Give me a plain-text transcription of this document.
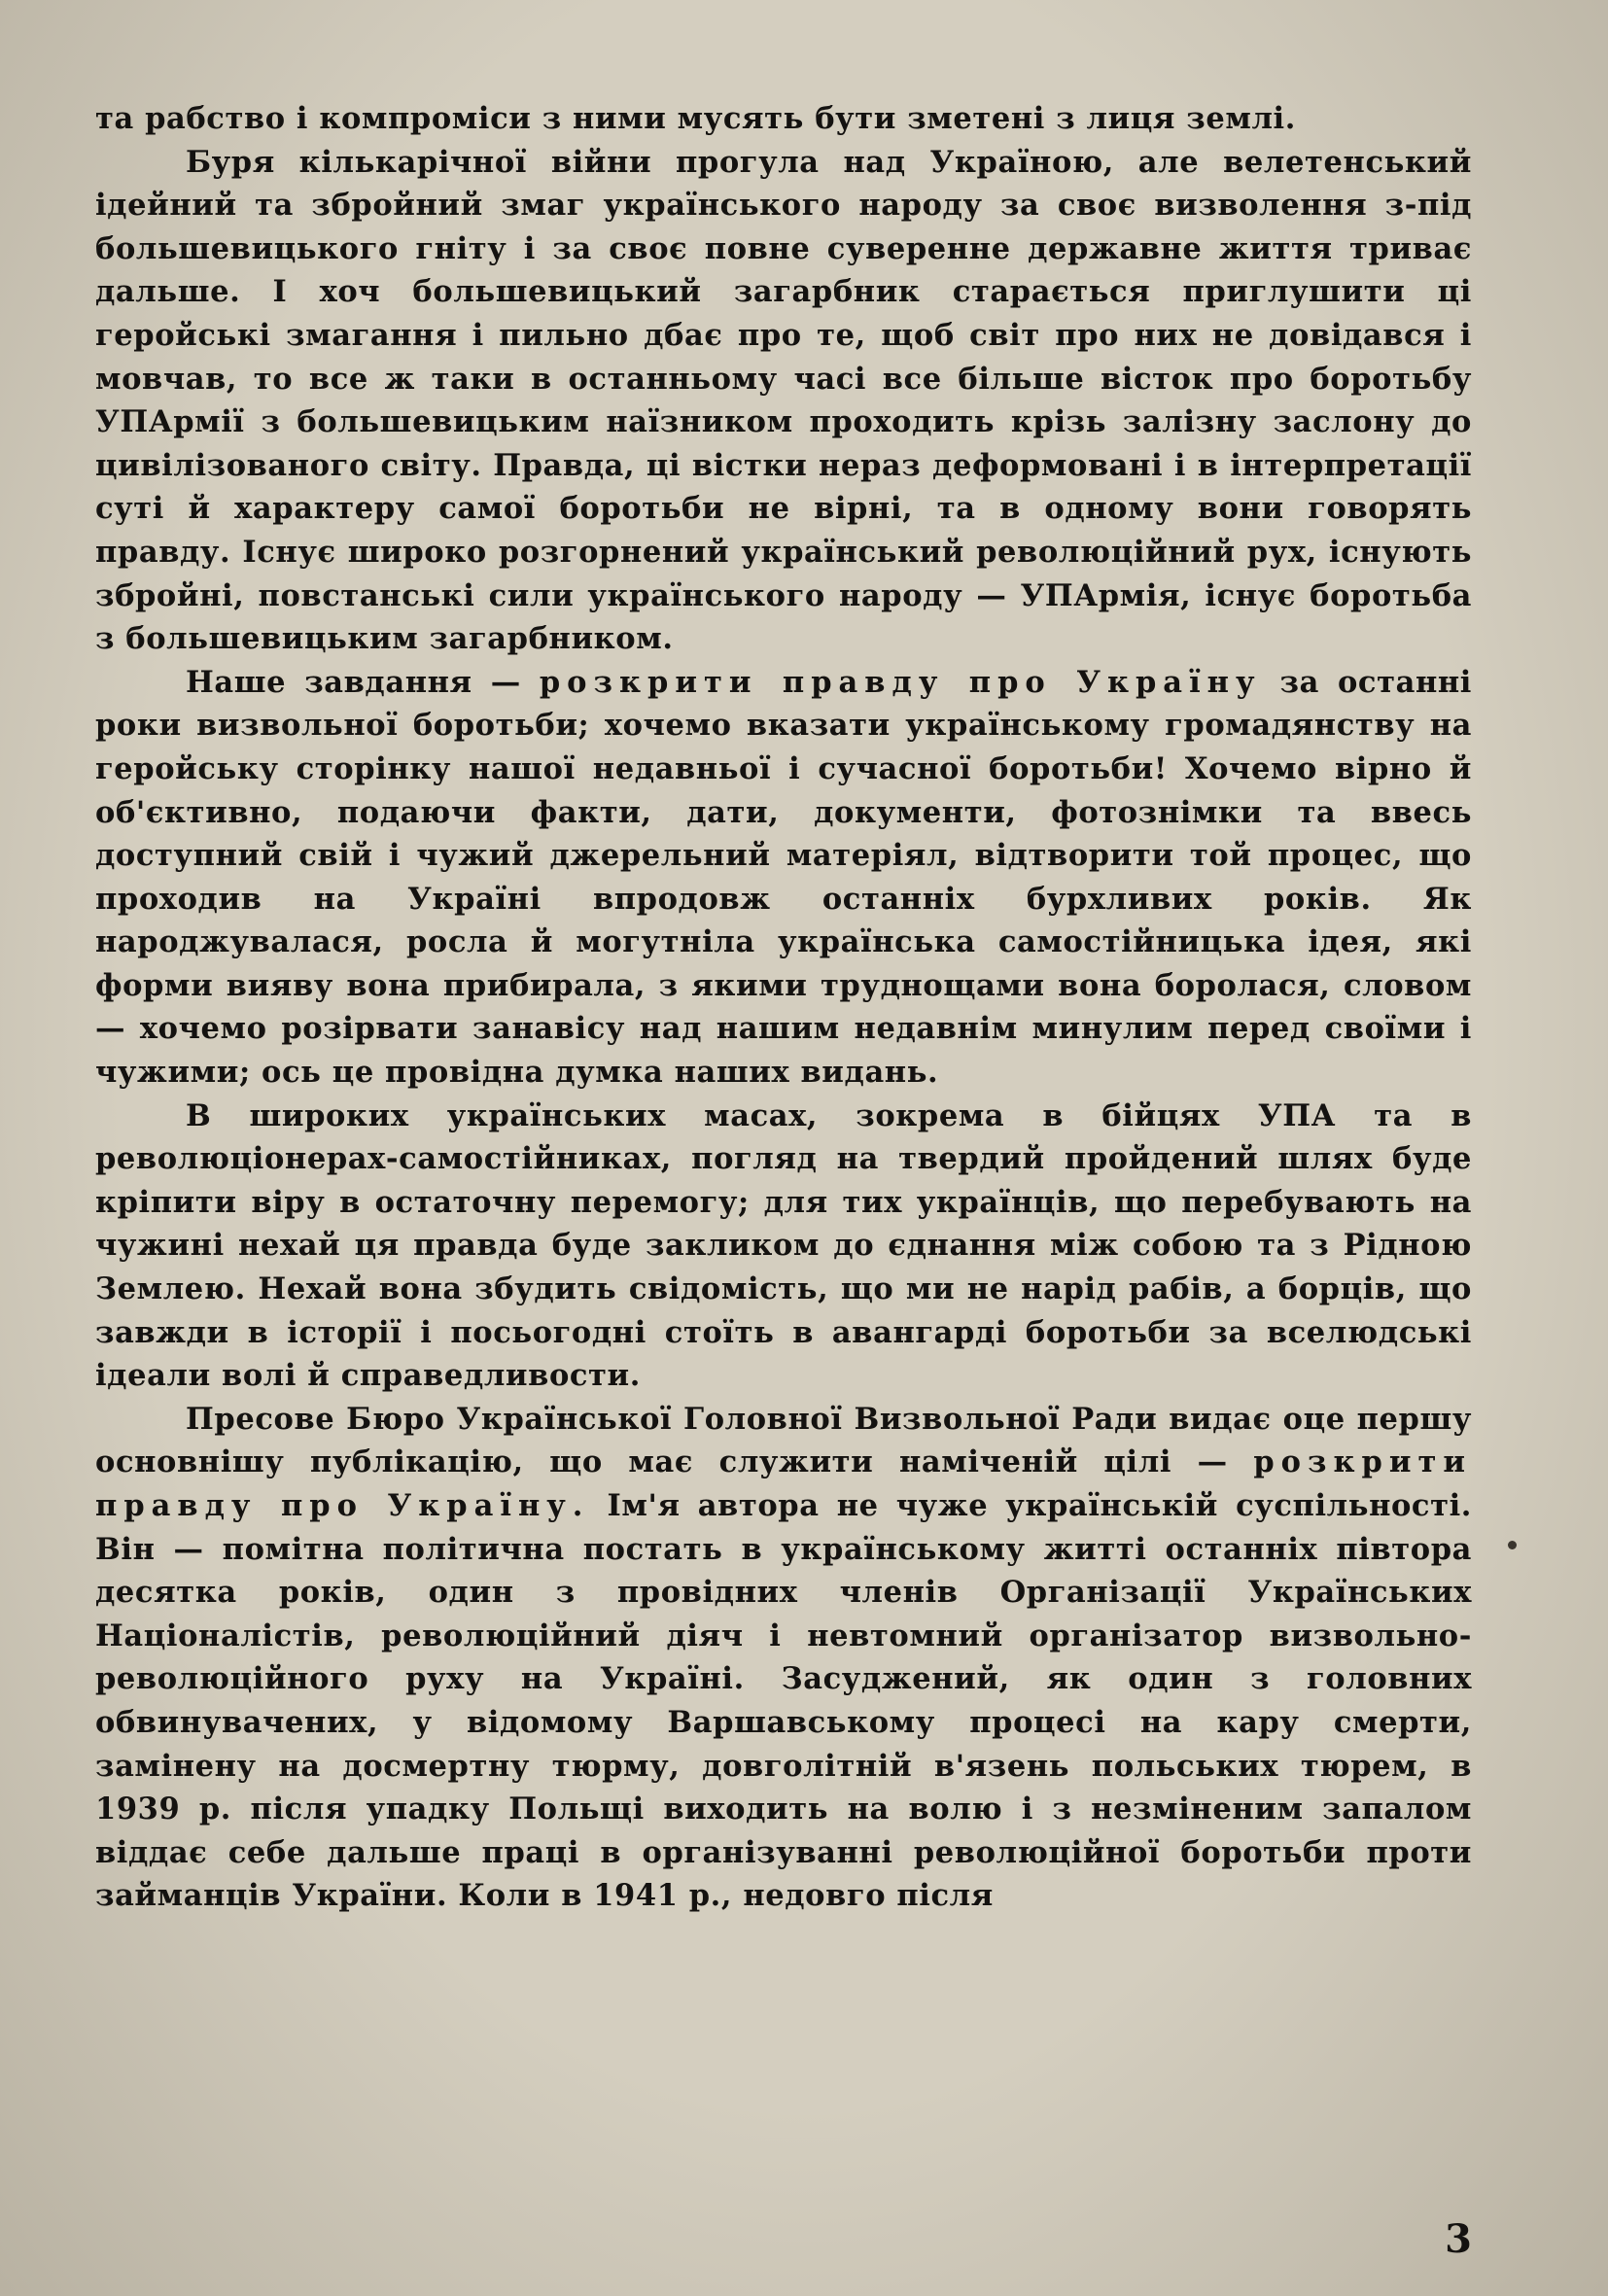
та рабство і компроміси з ними мусять бути зметені з лиця землі.

Буря кількарічної війни прогула над Україною, але велетенський ідейний та збройний змаг українського народу за своє визволення з-під большевицького гніту і за своє повне суверенне державне життя триває дальше. І хоч большевицький загарбник старається приглушити ці геройські змагання і пильно дбає про те, щоб світ про них не довідався і мовчав, то все ж таки в останньому часі все більше вісток про боротьбу УПАрмії з большевицьким наїзником проходить крізь залізну заслону до цивілізованого світу. Правда, ці вістки нераз деформовані і в інтерпретації суті й характеру самої боротьби не вірні, та в одному вони говорять правду. Існує широко розгорнений український революційний рух, існують збройні, повстанські сили українського народу — УПАрмія, існує боротьба з большевицьким загарбником.

Наше завдання — розкрити правду про Україну за останні роки визвольної боротьби; хочемо вказати українському громадянству на геройську сторінку нашої недавньої і сучасної боротьби! Хочемо вірно й об'єктивно, подаючи факти, дати, документи, фотознімки та ввесь доступний свій і чужий джерельний матеріял, відтворити той процес, що проходив на Україні впродовж останніх бурхливих років. Як народжувалася, росла й могутніла українська самостійницька ідея, які форми вияву вона прибирала, з якими труднощами вона боролася, словом — хочемо розірвати занавісу над нашим недавнім минулим перед своїми і чужими; ось це провідна думка наших видань.

В широких українських масах, зокрема в бійцях УПА та в революціонерах-самостійниках, погляд на твердий пройдений шлях буде кріпити віру в остаточну перемогу; для тих українців, що перебувають на чужині нехай ця правда буде закликом до єднання між собою та з Рідною Землею. Нехай вона збудить свідомість, що ми не нарід рабів, а борців, що завжди в історії і посьогодні стоїть в авангарді боротьби за вселюдські ідеали волі й справедливости.

Пресове Бюро Української Головної Визвольної Ради видає оце першу основнішу публікацію, що має служити наміченій цілі — розкрити правду про Україну. Ім'я автора не чуже українській суспільності. Він — помітна політична постать в українському житті останніх півтора десятка років, один з провідних членів Організації Українських Націоналістів, революційний діяч і невтомний організатор визвольно-революційного руху на Україні. Засуджений, як один з головних обвинувачених, у відомому Варшавському процесі на кару смерти, замінену на досмертну тюрму, довголітній в'язень польських тюрем, в 1939 р. після упадку Польщі виходить на волю і з незміненим запалом віддає себе дальше праці в організуванні революційної боротьби проти займанців України. Коли в 1941 р., недовго після

3
